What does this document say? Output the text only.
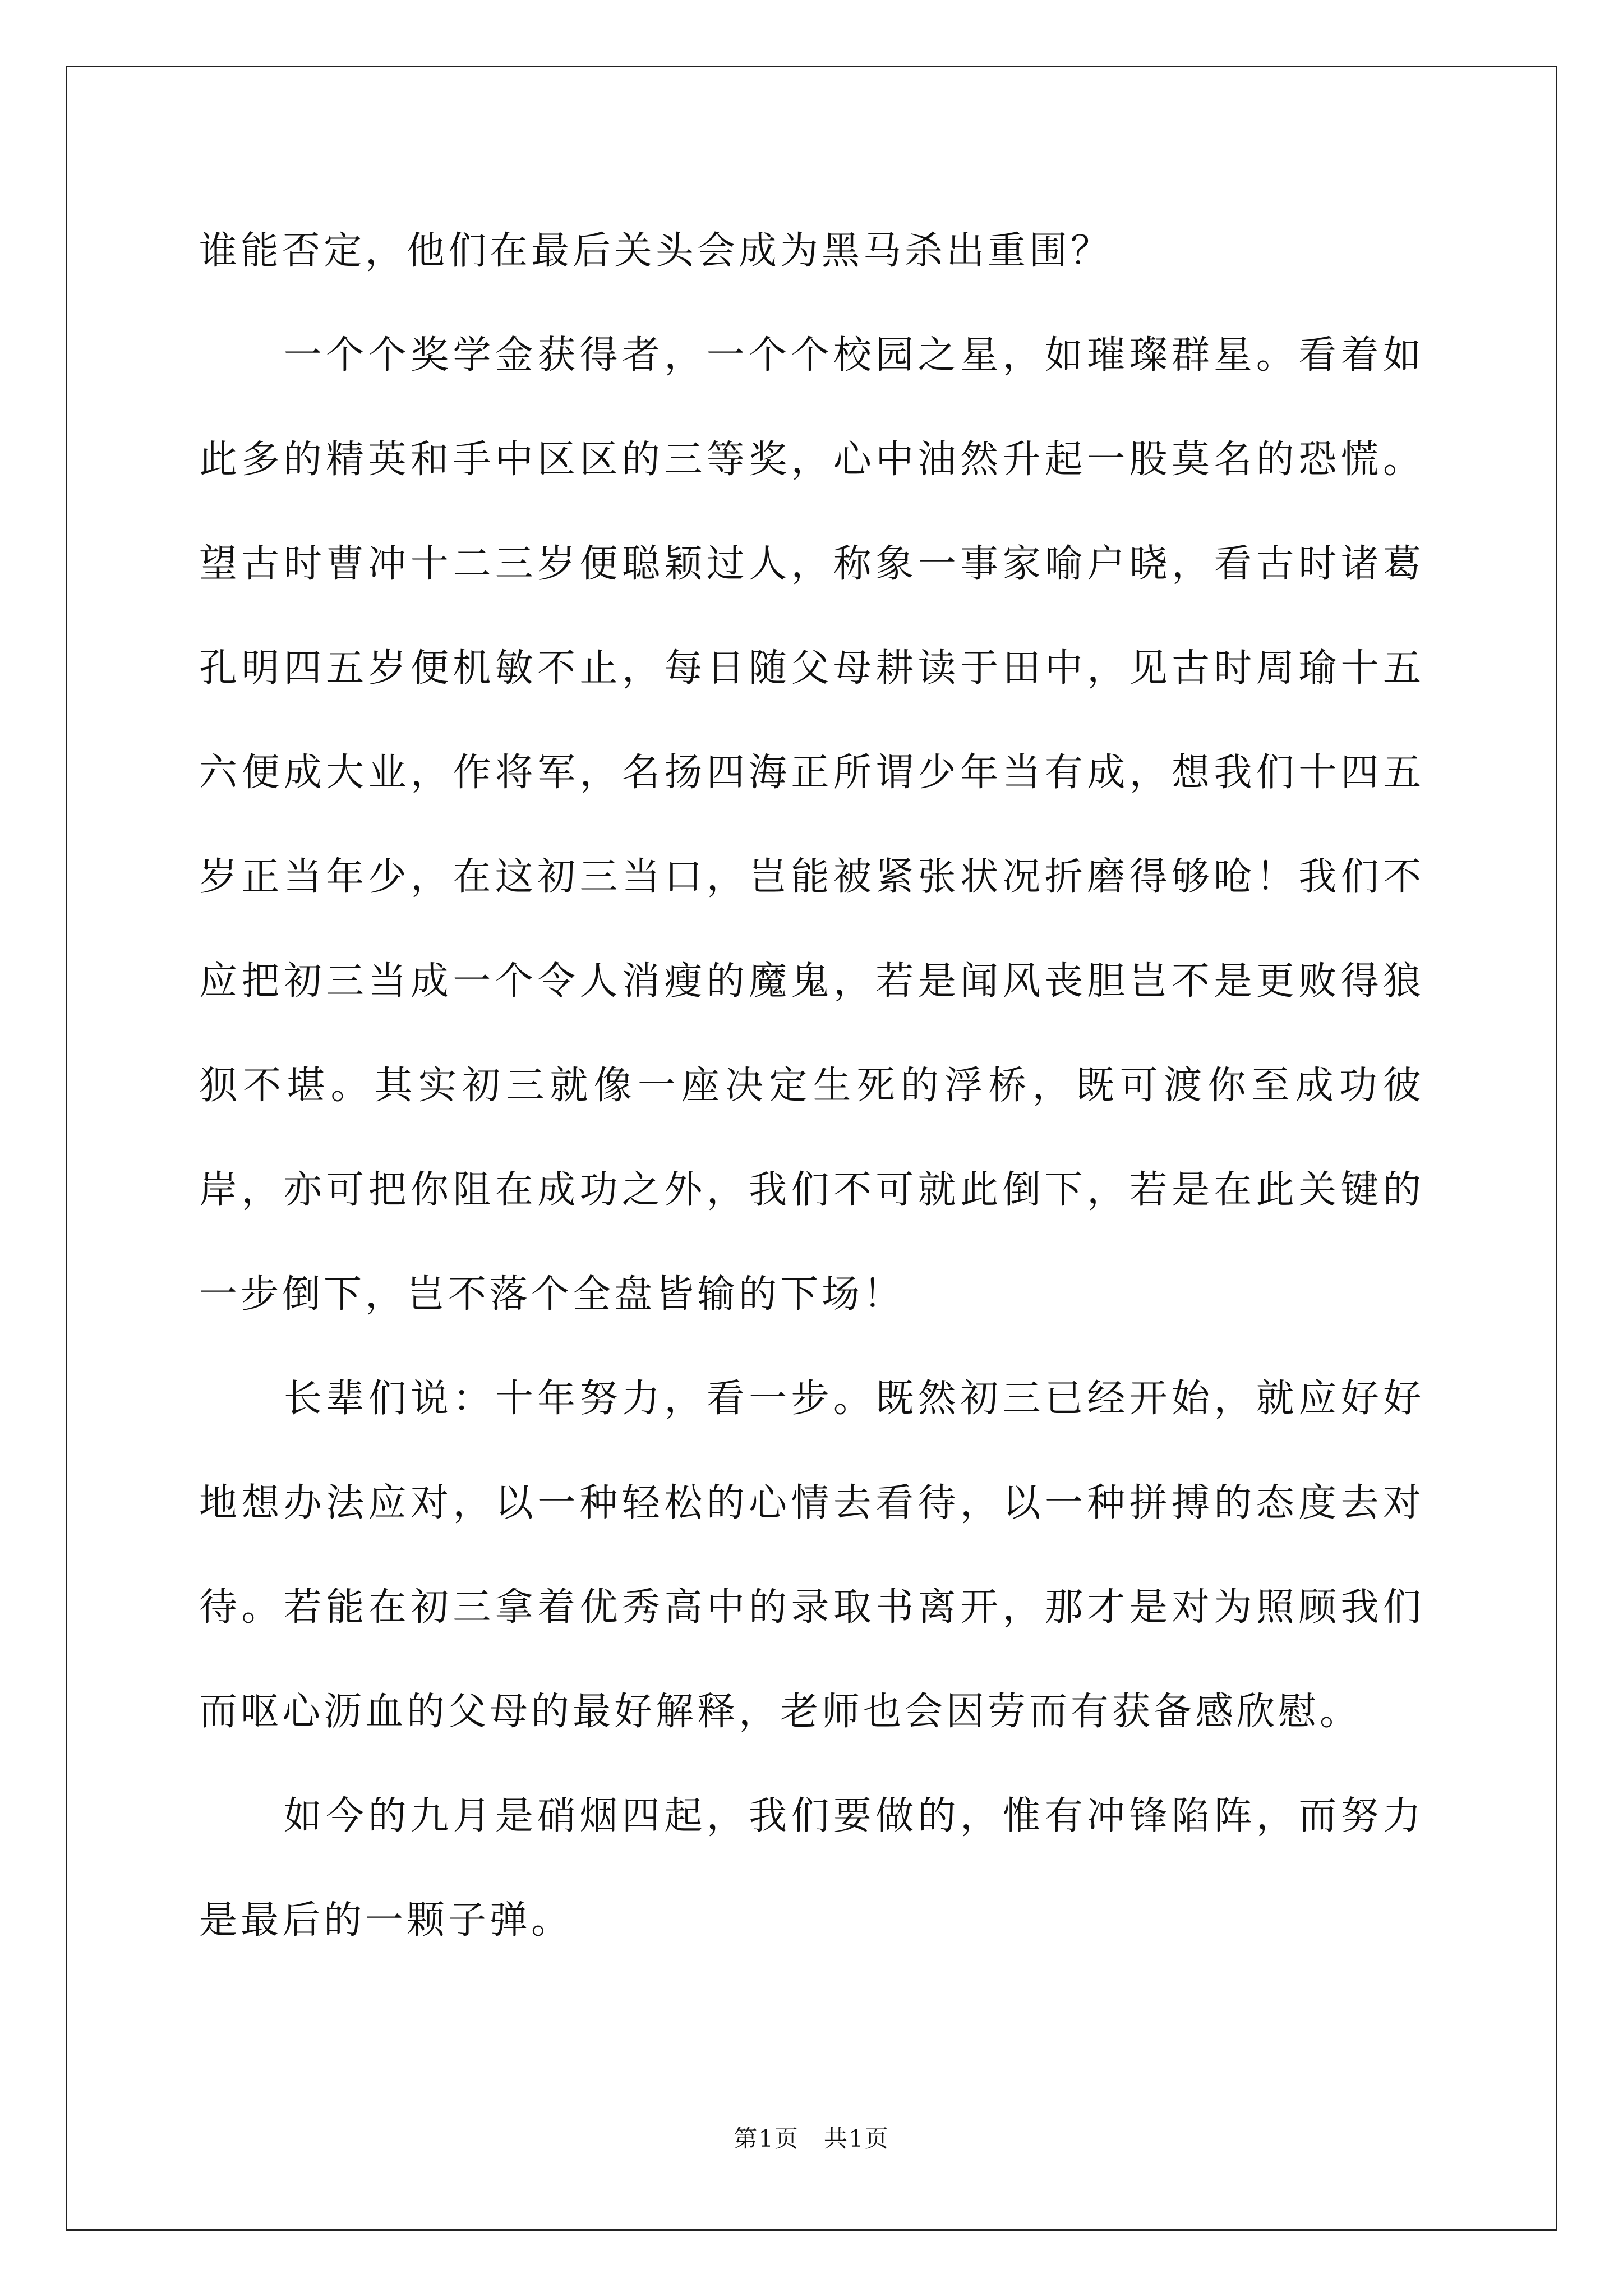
谁能否定，他们在最后关头会成为黑马杀出重围？

　　一个个奖学金获得者，一个个校园之星，如璀璨群星。看着如此多的精英和手中区区的三等奖，心中油然升起一股莫名的恐慌。望古时曹冲十二三岁便聪颖过人，称象一事家喻户晓，看古时诸葛孔明四五岁便机敏不止，每日随父母耕读于田中，见古时周瑜十五六便成大业，作将军，名扬四海正所谓少年当有成，想我们十四五岁正当年少，在这初三当口，岂能被紧张状况折磨得够呛！我们不应把初三当成一个令人消瘦的魔鬼，若是闻风丧胆岂不是更败得狼狈不堪。其实初三就像一座决定生死的浮桥，既可渡你至成功彼岸，亦可把你阻在成功之外，我们不可就此倒下，若是在此关键的一步倒下，岂不落个全盘皆输的下场！

　　长辈们说：十年努力，看一步。既然初三已经开始，就应好好地想办法应对，以一种轻松的心情去看待，以一种拼搏的态度去对待。若能在初三拿着优秀高中的录取书离开，那才是对为照顾我们而呕心沥血的父母的最好解释，老师也会因劳而有获备感欣慰。

　　如今的九月是硝烟四起，我们要做的，惟有冲锋陷阵，而努力是最后的一颗子弹。

第1页　共1页
